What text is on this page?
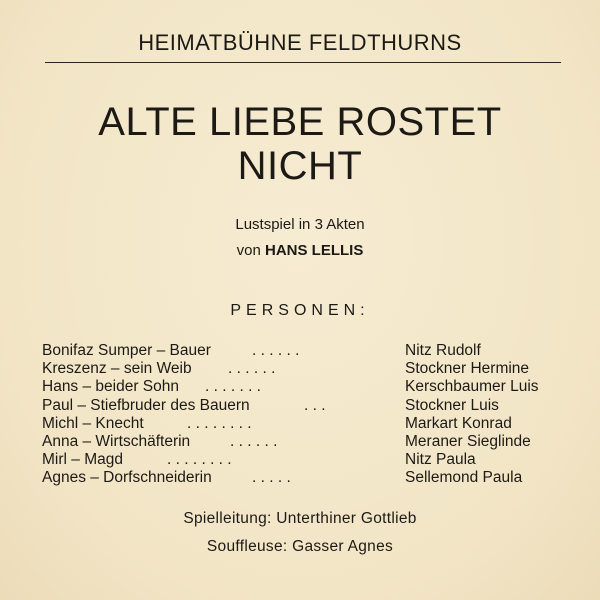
HEIMATBÜHNE FELDTHURNS
ALTE LIEBE ROSTET
NICHT
Lustspiel in 3 Akten
von HANS LELLIS
PERSONEN:
Bonifaz Sumper – Bauer	. . . . . .	Nitz Rudolf
Kreszenz – sein Weib . . . . . .	Stockner Hermine
Hans – beider Sohn . . . . . . .	Kerschbaumer Luis
Paul – Stiefbruder des Bauern	. . .	Stockner Luis
Michl – Knecht	. . . . . . . .	Markart Konrad
Anna – Wirtschäfterin	. . . . . .	Meraner Sieglinde
Mirl – Magd	. . . . . . . .	Nitz Paula
Agnes – Dorfschneiderin	. . . . .	Sellemond Paula
Spielleitung: Unterthiner Gottlieb
Souffleuse: Gasser Agnes
